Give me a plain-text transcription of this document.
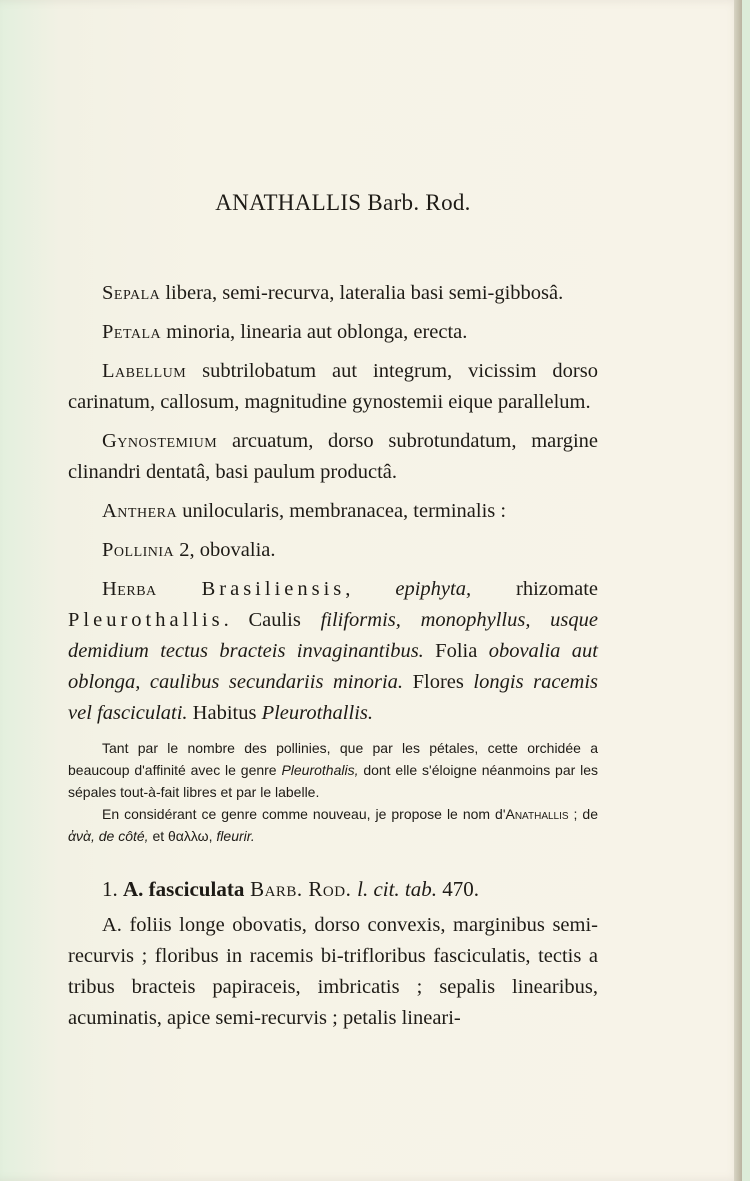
ANATHALLIS Barb. Rod.

Sepala libera, semi-recurva, lateralia basi semi-gibbosâ.

Petala minoria, linearia aut oblonga, erecta.

Labellum subtrilobatum aut integrum, vicissim dorso carinatum, callosum, magnitudine gynostemii eique parallelum.

Gynostemium arcuatum, dorso subrotundatum, margine clinandri dentatâ, basi paulum productâ.

Anthera unilocularis, membranacea, terminalis :

Pollinia 2, obovalia.

Herba Brasiliensis, epiphyta, rhizomate Pleurothallis. Caulis filiformis, monophyllus, usque demidium tectus bracteis invaginantibus. Folia obovalia aut oblonga, caulibus secundariis minoria. Flores longis racemis vel fasciculati. Habitus Pleurothallis.

Tant par le nombre des pollinies, que par les pétales, cette orchidée a beaucoup d'affinité avec le genre Pleurothalis, dont elle s'éloigne néanmoins par les sépales tout-à-fait libres et par le labelle.

En considérant ce genre comme nouveau, je propose le nom d'Anathallis ; de ἀνὰ, de côté, et θαλλω, fleurir.

1. A. fasciculata Barb. Rod. l. cit. tab. 470.

A. foliis longe obovatis, dorso convexis, marginibus semi-recurvis ; floribus in racemis bi-trifloribus fasciculatis, tectis a tribus bracteis papiraceis, imbricatis ; sepalis linearibus, acuminatis, apice semi-recurvis ; petalis lineari-
